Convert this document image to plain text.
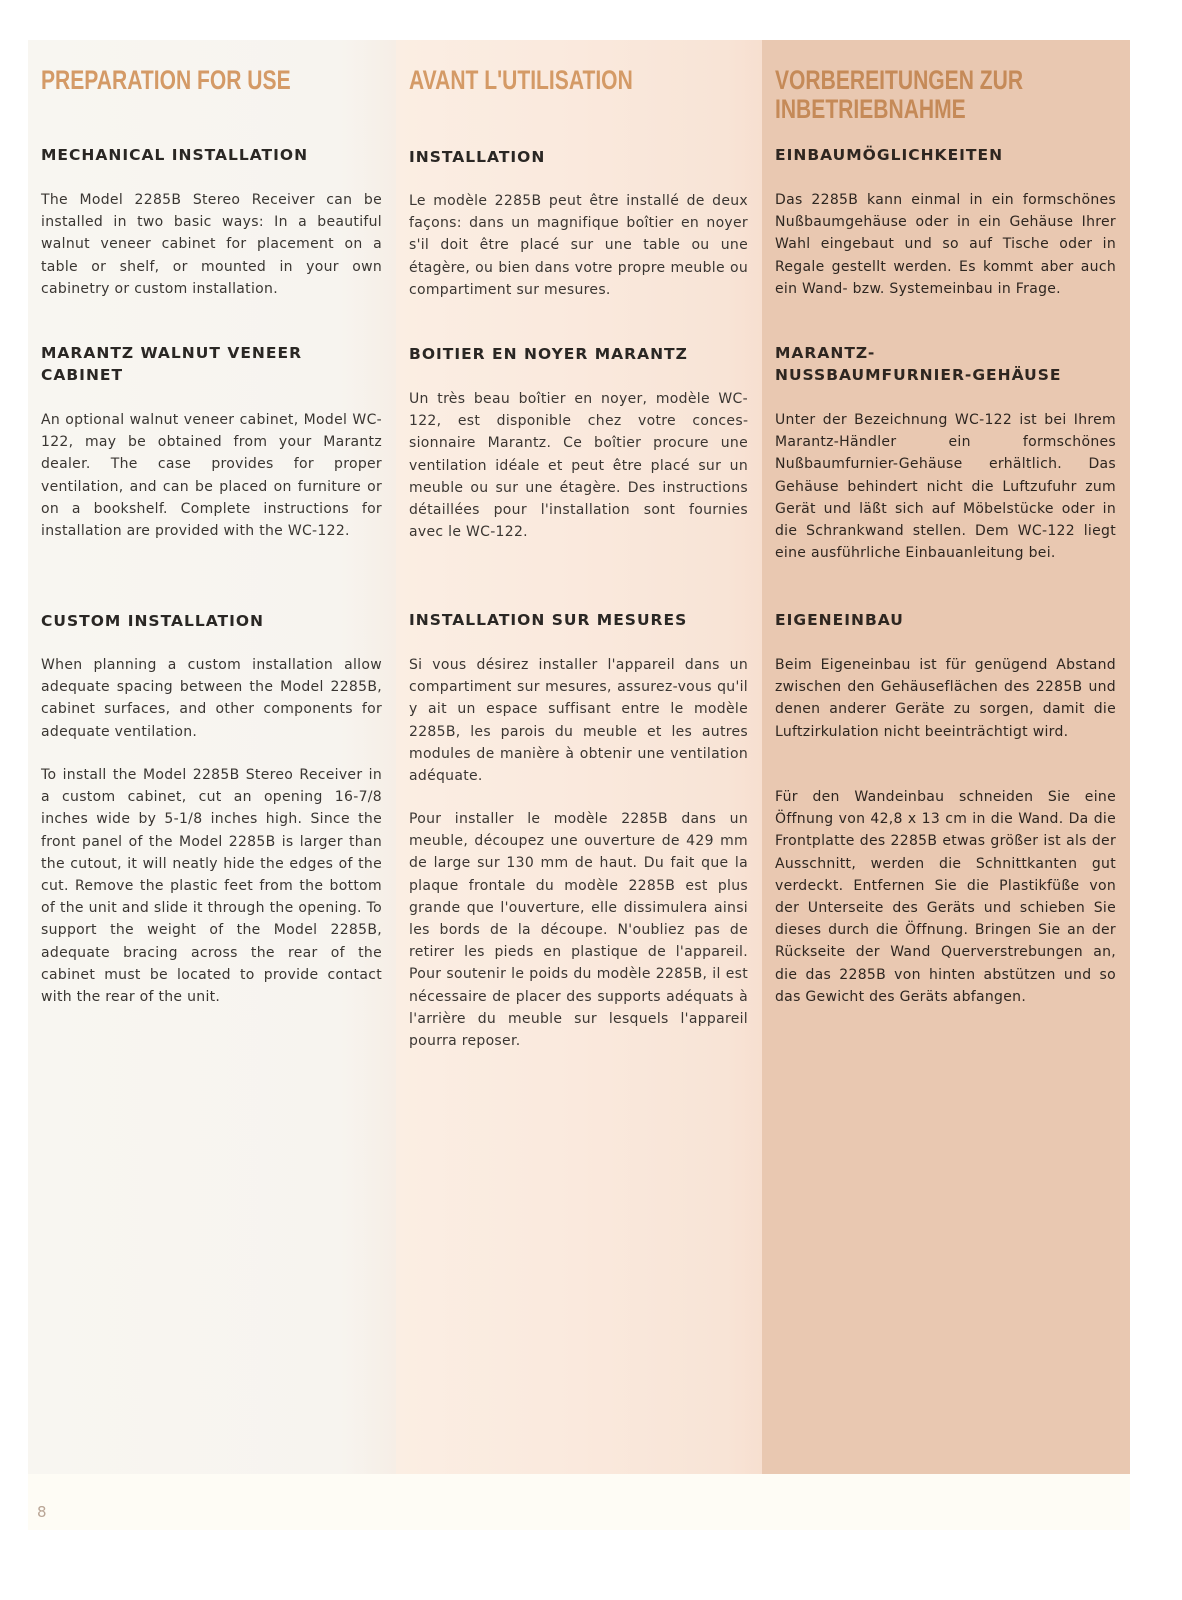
PREPARATION FOR USE
MECHANICAL INSTALLATION

The Model 2285B Stereo Receiver can be installed in two basic ways: In a beautiful walnut veneer cabinet for placement on a table or shelf, or mounted in your own cabinetry or custom installation.

MARANTZ WALNUT VENEER CABINET

An optional walnut veneer cabinet, Model WC-122, may be obtained from your Marantz dealer. The case provides for proper ventilation, and can be placed on furniture or on a bookshelf. Complete instructions for installation are provided with the WC-122.

CUSTOM INSTALLATION

When planning a custom installation allow adequate spacing between the Model 2285B, cabinet surfaces, and other components for adequate ventilation.

To install the Model 2285B Stereo Receiver in a custom cabinet, cut an opening 16-7/8 inches wide by 5-1/8 inches high. Since the front panel of the Model 2285B is larger than the cutout, it will neatly hide the edges of the cut. Remove the plastic feet from the bottom of the unit and slide it through the opening. To support the weight of the Model 2285B, adequate bracing across the rear of the cabinet must be located to provide contact with the rear of the unit.

AVANT L'UTILISATION
INSTALLATION

Le modèle 2285B peut être installé de deux façons: dans un magnifique boîtier en noyer s'il doit être placé sur une table ou une étagère, ou bien dans votre propre meuble ou compartiment sur mesures.

BOITIER EN NOYER MARANTZ

Un très beau boîtier en noyer, modèle WC-122, est disponible chez votre concessionnaire Marantz. Ce boîtier procure une ventilation idéale et peut être placé sur un meuble ou sur une étagère. Des instructions détaillées pour l'installation sont fournies avec le WC-122.

INSTALLATION SUR MESURES

Si vous désirez installer l'appareil dans un compartiment sur mesures, assurez-vous qu'il y ait un espace suffisant entre le modèle 2285B, les parois du meuble et les autres modules de manière à obtenir une ventilation adéquate.

Pour installer le modèle 2285B dans un meuble, découpez une ouverture de 429 mm de large sur 130 mm de haut. Du fait que la plaque frontale du modèle 2285B est plus grande que l'ouverture, elle dissimulera ainsi les bords de la découpe. N'oubliez pas de retirer les pieds en plastique de l'appareil. Pour soutenir le poids du modèle 2285B, il est nécessaire de placer des supports adéquats à l'arrière du meuble sur lesquels l'appareil pourra reposer.

VORBEREITUNGEN ZUR
INBETRIEBNAHME
EINBAUMÖGLICHKEITEN

Das 2285B kann einmal in ein formschönes Nußbaumgehäuse oder in ein Gehäuse Ihrer Wahl eingebaut und so auf Tische oder in Regale gestellt werden. Es kommt aber auch ein Wand- bzw. Systemeinbau in Frage.

MARANTZ-NUSSBAUMFURNIER-GEHÄUSE

Unter der Bezeichnung WC-122 ist bei Ihrem Marantz-Händler ein formschönes Nußbaumfurnier-Gehäuse erhältlich. Das Gehäuse behindert nicht die Luftzufuhr zum Gerät und läßt sich auf Möbelstücke oder in die Schrankwand stellen. Dem WC-122 liegt eine ausführliche Einbauanleitung bei.

EIGENEINBAU

Beim Eigeneinbau ist für genügend Abstand zwischen den Gehäuseflächen des 2285B und denen anderer Geräte zu sorgen, damit die Luftzirkulation nicht beeinträchtigt wird.

Für den Wandeinbau schneiden Sie eine Öffnung von 42,8 x 13 cm in die Wand. Da die Frontplatte des 2285B etwas größer ist als der Ausschnitt, werden die Schnittkanten gut verdeckt. Entfernen Sie die Plastikfüße von der Unterseite des Geräts und schieben Sie dieses durch die Öffnung. Bringen Sie an der Rückseite der Wand Querverstrebungen an, die das 2285B von hinten abstützen und so das Gewicht des Geräts abfangen.

8
